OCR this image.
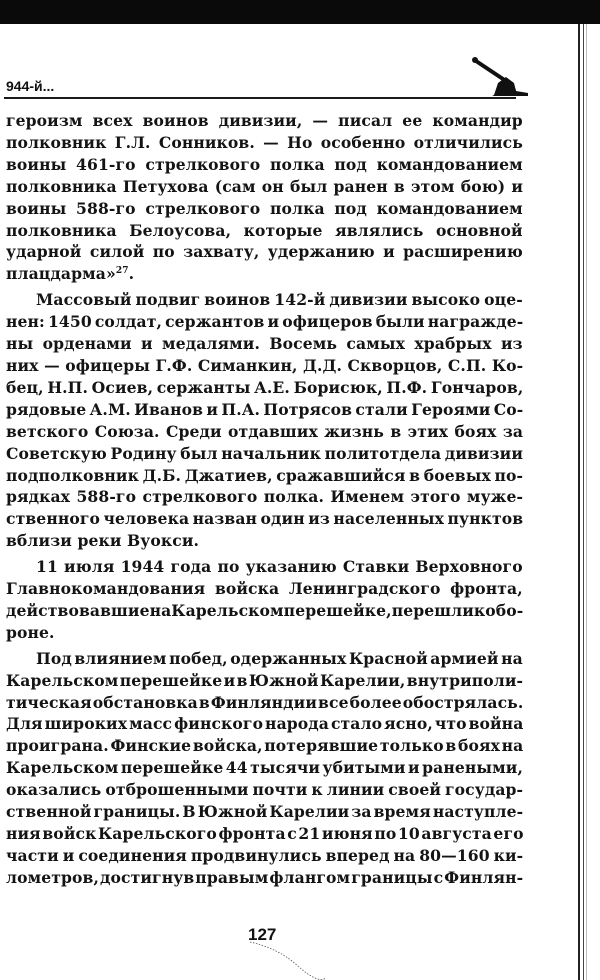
944-й...
героизм всех воинов дивизии, — писал ее командир
полковник Г.Л. Сонников. — Но особенно отличились
воины 461-го стрелкового полка под командованием
полковника Петухова (сам он был ранен в этом бою) и
воины 588-го стрелкового полка под командованием
полковника Белоусова, которые являлись основной
ударной силой по захвату, удержанию и расширению
плацдарма»$^{27}$.
Массовый подвиг воинов 142-й дивизии высоко оце-
нен: 1450 солдат, сержантов и офицеров были награжде-
ны орденами и медалями. Восемь самых храбрых из
них — офицеры Г.Ф. Симанкин, Д.Д. Скворцов, С.П. Ко-
бец, Н.П. Осиев, сержанты А.Е. Борисюк, П.Ф. Гончаров,
рядовые А.М. Иванов и П.А. Потрясов стали Героями Со-
ветского Союза. Среди отдавших жизнь в этих боях за
Советскую Родину был начальник политотдела дивизии
подполковник Д.Б. Джатиев, сражавшийся в боевых по-
рядках 588-го стрелкового полка. Именем этого муже-
ственного человека назван один из населенных пунктов
вблизи реки Вуокси.
11 июля 1944 года по указанию Ставки Верховного
Главнокомандования войска Ленинградского фронта,
действовавшие на Карельском перешейке, перешли к обо-
роне.
Под влиянием побед, одержанных Красной армией на
Карельском перешейке и в Южной Карелии, внутриполи-
тическая обстановка в Финляндии все более обострялась.
Для широких масс финского народа стало ясно, что война
проиграна. Финские войска, потерявшие только в боях на
Карельском перешейке 44 тысячи убитыми и ранеными,
оказались отброшенными почти к линии своей государ-
ственной границы. В Южной Карелии за время наступле-
ния войск Карельского фронта с 21 июня по 10 августа его
части и соединения продвинулись вперед на 80—160 ки-
лометров, достигнув правым флангом границы с Финлян-
127
